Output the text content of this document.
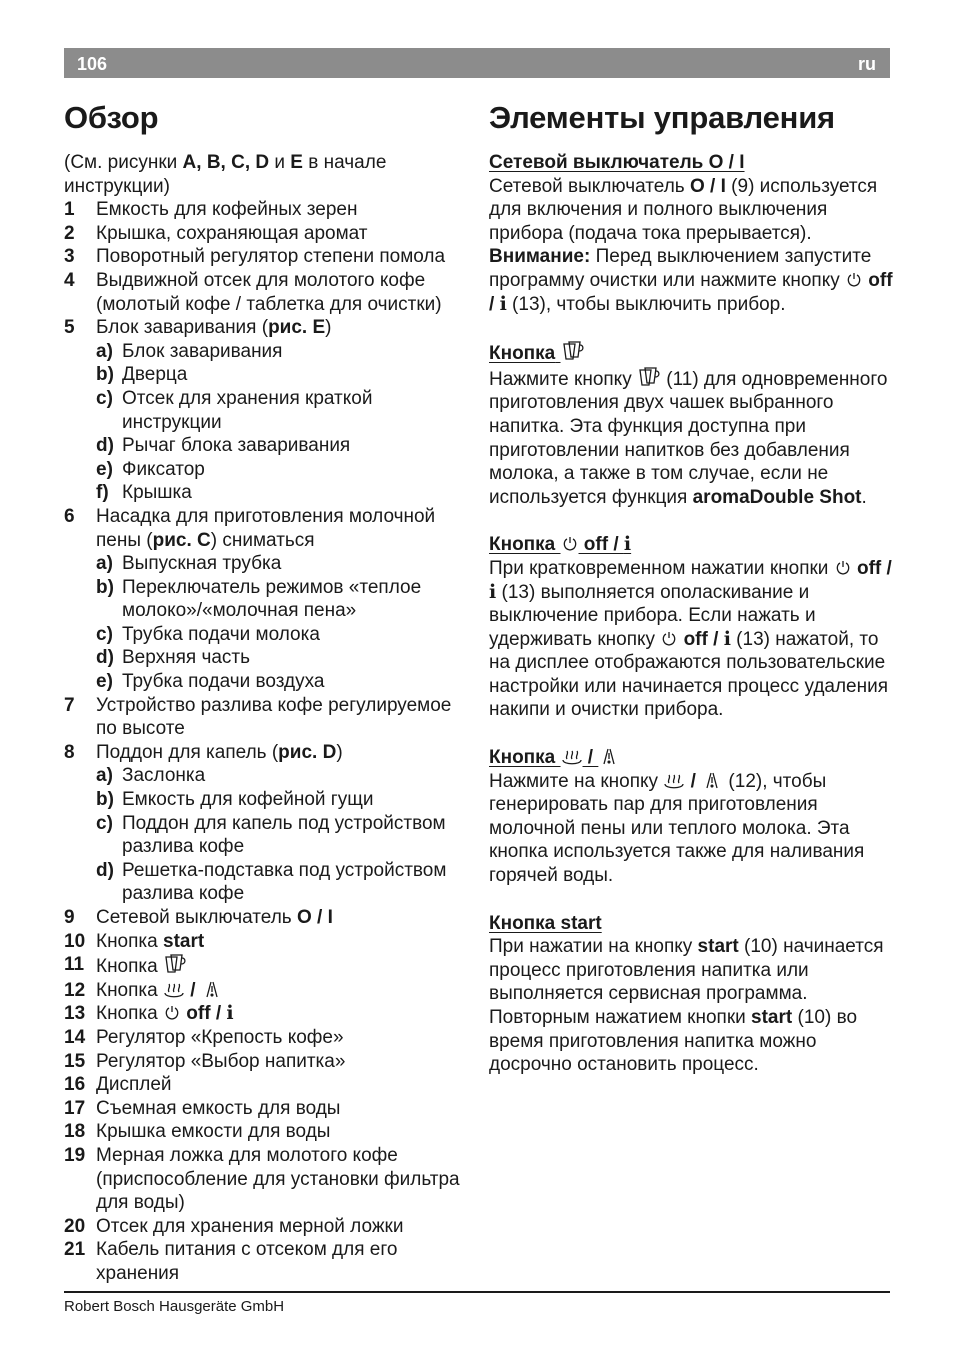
106	ru
Обзор	Элементы управления

(См. рисунки A, B, C, D и E в начале инструкции)

1	Емкость для кофейных зерен
2	Крышка, сохраняющая аромат
3	Поворотный регулятор степени помола
4	Выдвижной отсек для молотого кофе (молотый кофе / таблетка для очистки)
5	Блок заваривания (рис. E)
a) Блок заваривания
b) Дверца
c) Отсек для хранения краткой инструкции
d) Рычаг блока заваривания
e) Фиксатор
f) Крышка
6	Насадка для приготовления молочной пены (рис. C) сниматься
a) Выпускная трубка
b) Переключатель режимов «теплое молоко»/«молочная пена»
c) Трубка подачи молока
d) Верхняя часть
e) Трубка подачи воздуха
7	Устройство разлива кофе регулируемое по высоте
8	Поддон для капель (рис. D)
a) Заслонка
b) Емкость для кофейной гущи
c) Поддон для капель под устройством разлива кофе
d) Решетка-подставка под устройством разлива кофе
9	Сетевой выключатель O / I
10 Кнопка start
11 Кнопка
12 Кнопка
/
13 Кнопка
off / i
14 Регулятор «Крепость кофе»
15 Регулятор «Выбор напитка»
16 Дисплей
17 Съемная емкость для воды
18 Крышка емкости для воды
19 Мерная ложка для молотого кофе (приспособление для установки фильтра для воды)
20 Отсек для хранения мерной ложки
21 Кабель питания с отсеком для его хранения
Сетевой выключатель O / I

Сетевой выключатель O / I (9) используется для включения и полного выключения прибора (подача тока прерывается).

Внимание: Перед выключением запустите программу очистки или нажмите кнопку
off / i (13), чтобы выключить прибор.

Кнопка

Нажмите кнопку
(11) для одновременного приготовления двух чашек выбранного напитка. Эта функция доступна при приготовлении напитков без добавления молока, а также в том случае, если не используется функция aromaDouble Shot.

Кнопка
off / i

При кратковременном нажатии кнопки
off / i (13) выполняется ополаскивание и выключение прибора. Если нажать и удерживать кнопку
off / i (13) нажатой, то на дисплее отображаются пользовательские настройки или начинается процесс удаления накипи и очистки прибора.

Кнопка
/

Нажмите на кнопку
/
(12), чтобы генерировать пар для приготовления молочной пены или теплого молока. Эта кнопка используется также для наливания горячей воды.

Кнопка start

При нажатии на кнопку start (10) начинается процесс приготовления напитка или выполняется сервисная программа. Повторным нажатием кнопки start (10) во время приготовления напитка можно досрочно остановить процесс.

Robert Bosch Hausgeräte GmbH
